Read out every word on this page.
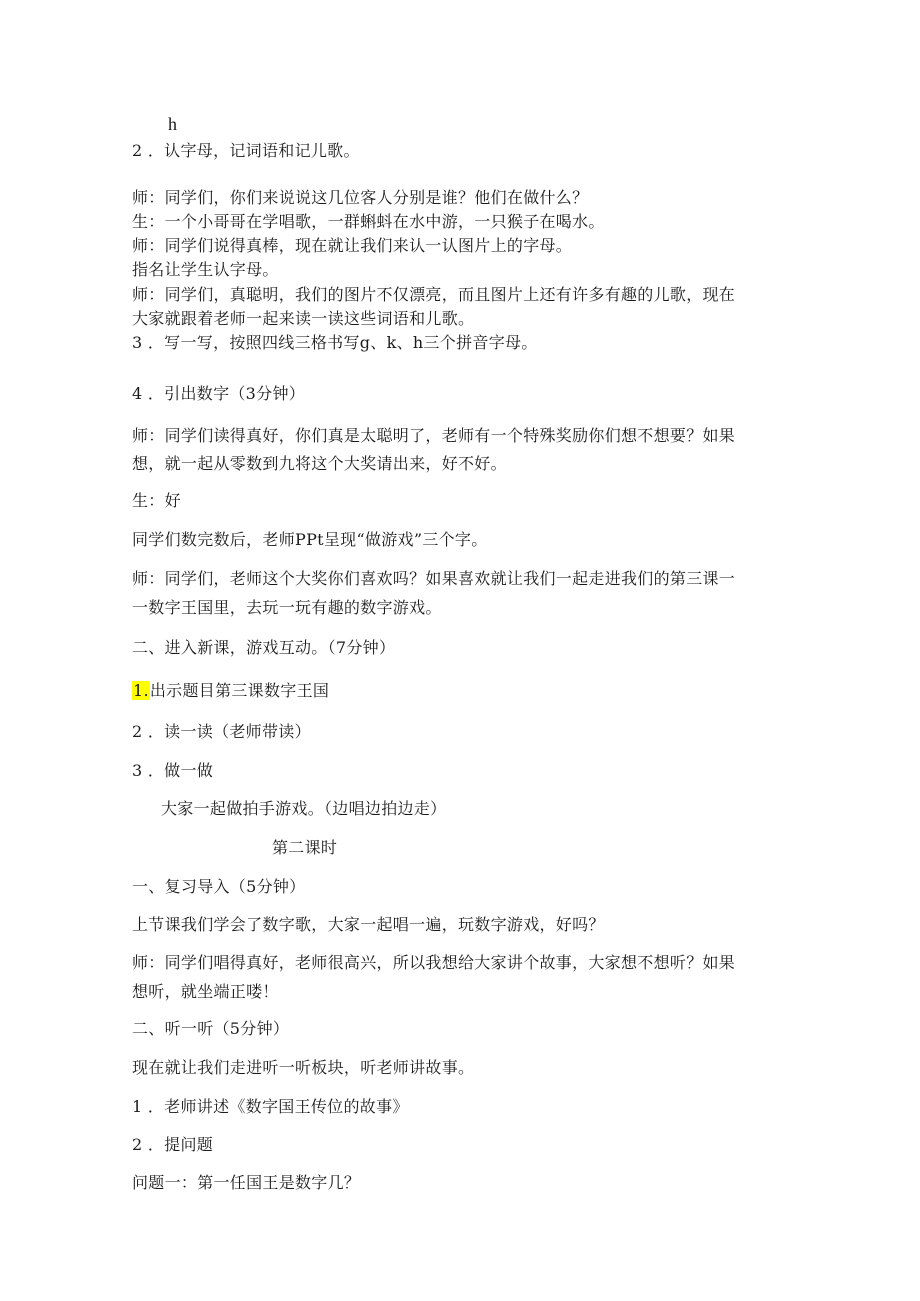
h
2 ．认字母，记词语和记儿歌。
师：同学们，你们来说说这几位客人分别是谁？他们在做什么？
生：一个小哥哥在学唱歌，一群蝌蚪在水中游，一只猴子在喝水。
师：同学们说得真棒，现在就让我们来认一认图片上的字母。
指名让学生认字母。
师：同学们，真聪明，我们的图片不仅漂亮，而且图片上还有许多有趣的儿歌，现在
大家就跟着老师一起来读一读这些词语和儿歌。
3 ．写一写，按照四线三格书写g、k、h三个拼音字母。
4 ．引出数字（3分钟）
师：同学们读得真好，你们真是太聪明了，老师有一个特殊奖励你们想不想要？如果
想，就一起从零数到九将这个大奖请出来，好不好。
生：好
同学们数完数后，老师PPt呈现“做游戏”三个字。
师：同学们，老师这个大奖你们喜欢吗？如果喜欢就让我们一起走进我们的第三课一
一数字王国里，去玩一玩有趣的数字游戏。
二、进入新课，游戏互动。（7分钟）
1.出示题目第三课数字王国
2 ．读一读（老师带读）
3 ．做一做
大家一起做拍手游戏。（边唱边拍边走）
第二课时
一、复习导入（5分钟）
上节课我们学会了数字歌，大家一起唱一遍，玩数字游戏，好吗？
师：同学们唱得真好，老师很高兴，所以我想给大家讲个故事，大家想不想听？如果
想听，就坐端正喽！
二、听一听（5分钟）
现在就让我们走进听一听板块，听老师讲故事。
1 ．老师讲述《数字国王传位的故事》
2 ．提问题
问题一：第一任国王是数字几？
